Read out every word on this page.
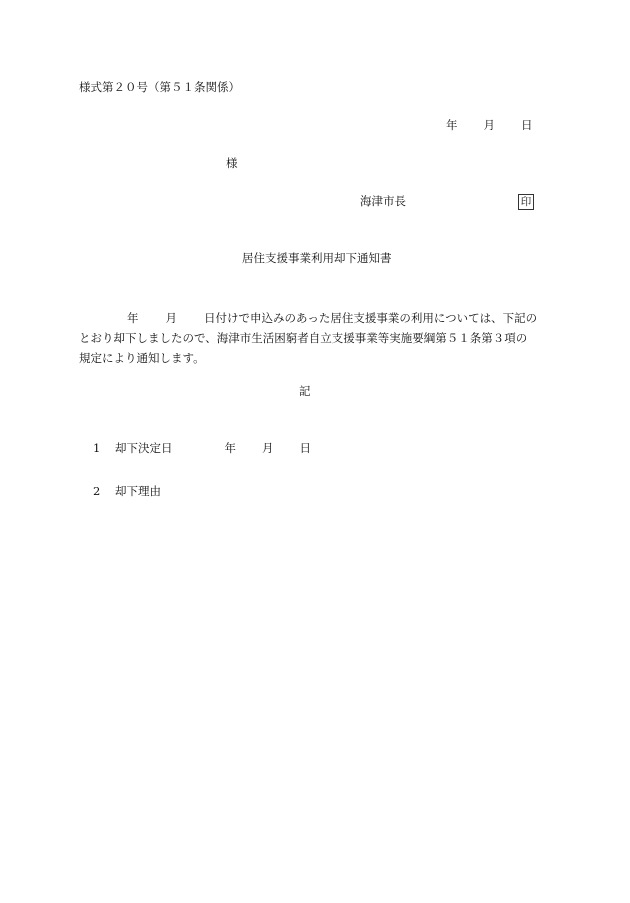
様式第２０号（第５１条関係）
年 月 日
様
海津市長	印
居住支援事業利用却下通知書
年 月 日付けで申込みのあった居住支援事業の利用については、下記の
とおり却下しましたので、海津市生活困窮者自立支援事業等実施要綱第５１条第３項の
規定により通知します。
記
1 却下決定日	年 月 日
2 却下理由
